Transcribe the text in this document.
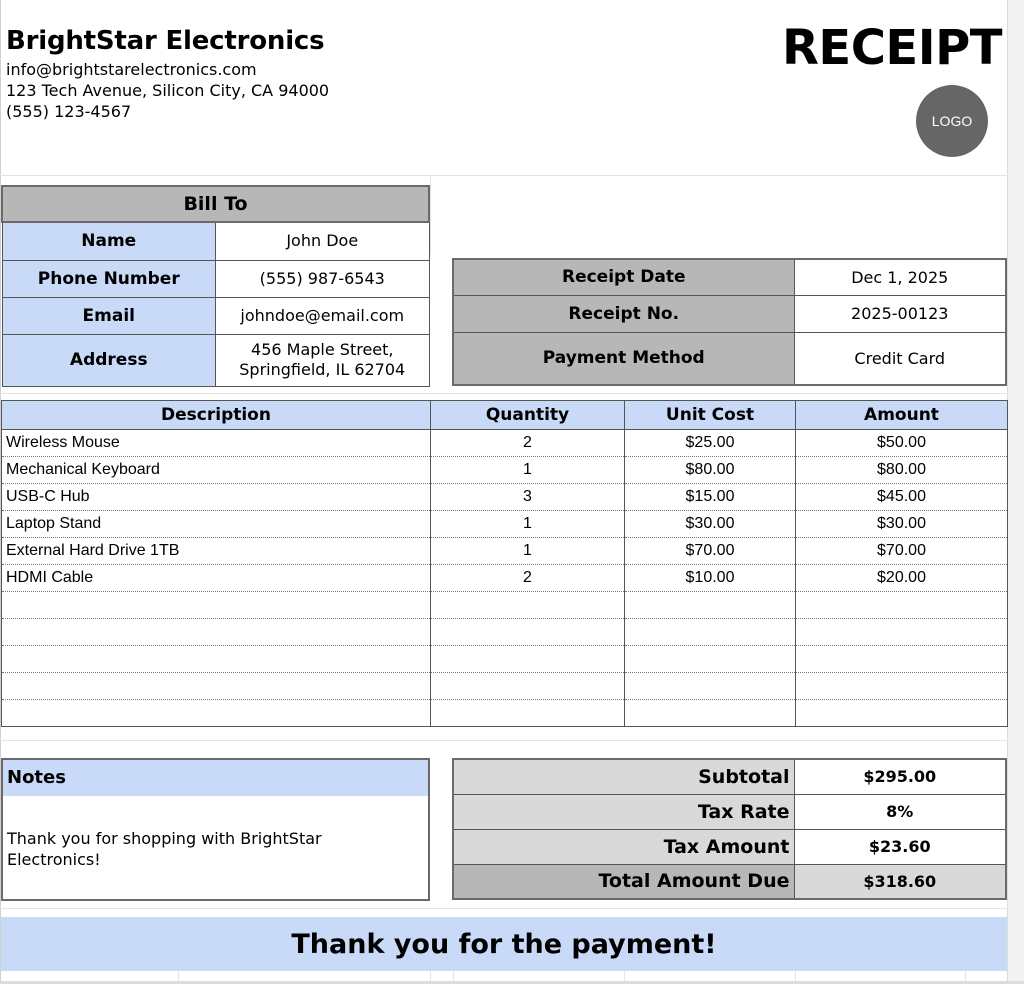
BrightStar Electronics
info@brightstarelectronics.com
123 Tech Avenue, Silicon City, CA 94000
(555) 123-4567
RECEIPT
LOGO
Bill To	
Name	John Doe
Phone Number	(555) 987-6543
Email	johndoe@email.com
Address	456 Maple Street,
Springfield, IL 62704
Receipt Date	Dec 1, 2025
Receipt No.	2025-00123
Payment Method	Credit Card
Description	Quantity	Unit Cost	Amount
Wireless Mouse	2	$25.00	$50.00
Mechanical Keyboard	1	$80.00	$80.00
USB-C Hub	3	$15.00	$45.00
Laptop Stand	1	$30.00	$30.00
External Hard Drive 1TB	1	$70.00	$70.00
HDMI Cable	2	$10.00	$20.00

Notes
Thank you for shopping with BrightStar
Electronics!
Subtotal	$295.00
Tax Rate	8%
Tax Amount	$23.60
Total Amount Due	$318.60
Thank you for the payment!
